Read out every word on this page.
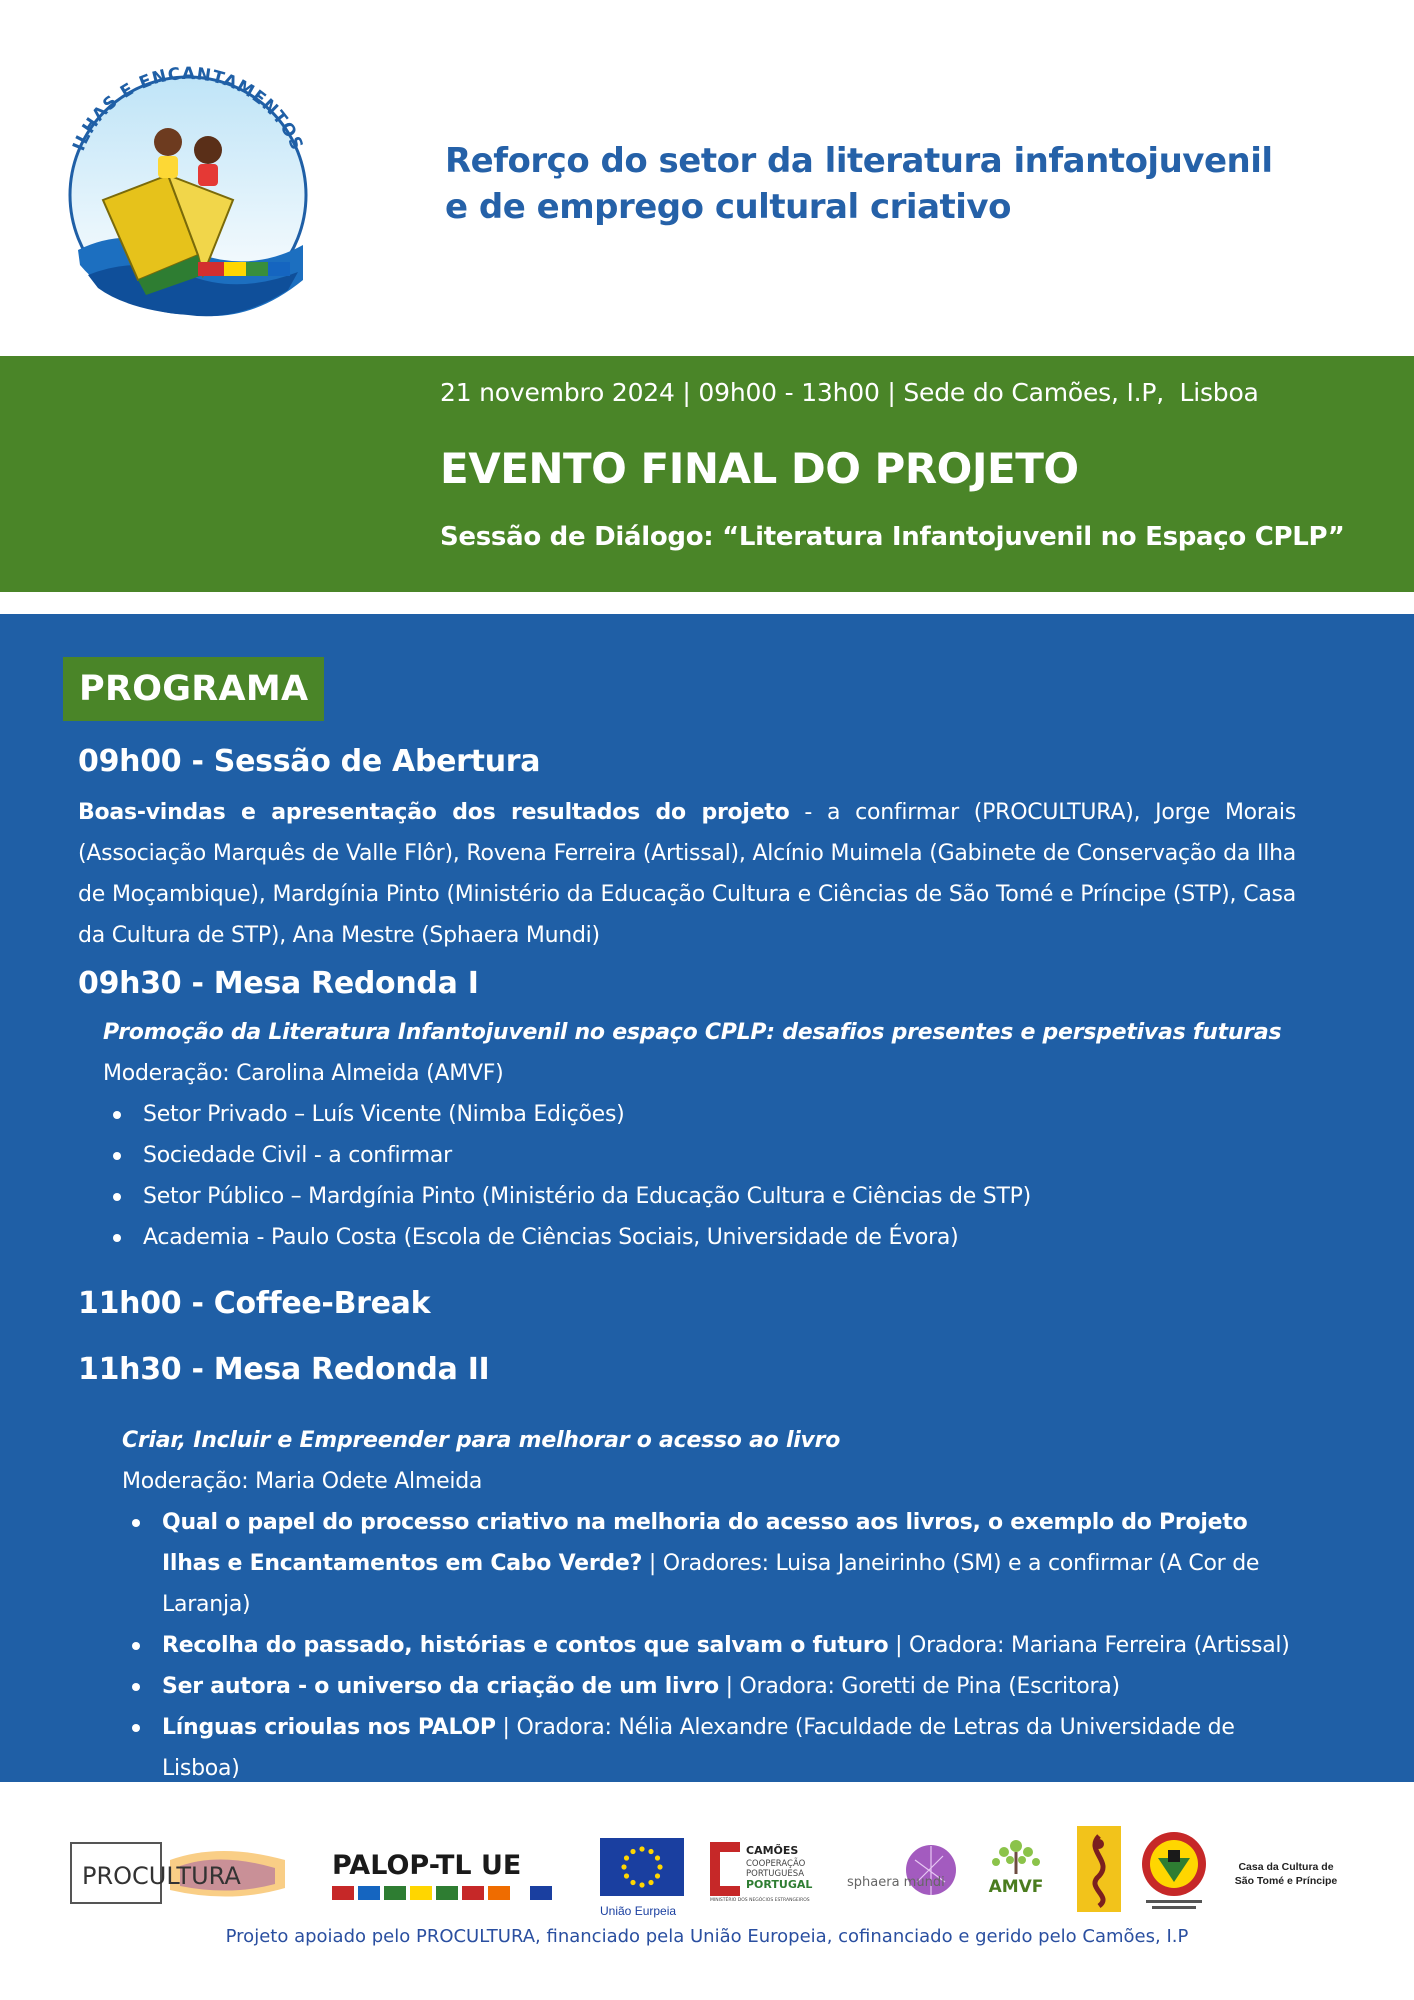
ILHAS E ENCANTAMENTOS	Reforço do setor da literatura infantojuvenil
e de emprego cultural criativo
21 novembro 2024 | 09h00 - 13h00 | Sede do Camões, I.P,  Lisboa
EVENTO FINAL DO PROJETO
Sessão de Diálogo: “Literatura Infantojuvenil no Espaço CPLP”
PROGRAMA
09h00 - Sessão de Abertura
Boas-vindas e apresentação dos resultados do projeto - a confirmar (PROCULTURA), Jorge Morais (Associação Marquês de Valle Flôr), Rovena Ferreira (Artissal), Alcínio Muimela (Gabinete de Conservação da Ilha de Moçambique), Mardgínia Pinto (Ministério da Educação Cultura e Ciências de São Tomé e Príncipe (STP), Casa da Cultura de STP), Ana Mestre (Sphaera Mundi)
09h30 - Mesa Redonda I
Promoção da Literatura Infantojuvenil no espaço CPLP: desafios presentes e perspetivas futuras
Moderação: Carolina Almeida (AMVF)
Setor Privado – Luís Vicente (Nimba Edições)
Sociedade Civil - a confirmar
Setor Público – Mardgínia Pinto (Ministério da Educação Cultura e Ciências de STP)
Academia - Paulo Costa (Escola de Ciências Sociais, Universidade de Évora)
11h00 - Coffee-Break
11h30 - Mesa Redonda II
Criar, Incluir e Empreender para melhorar o acesso ao livro
Moderação: Maria Odete Almeida
Qual o papel do processo criativo na melhoria do acesso aos livros, o exemplo do Projeto Ilhas e Encantamentos em Cabo Verde? | Oradores: Luisa Janeirinho (SM) e a confirmar (A Cor de Laranja)
Recolha do passado, histórias e contos que salvam o futuro | Oradora: Mariana Ferreira (Artissal)
Ser autora - o universo da criação de um livro | Oradora: Goretti de Pina (Escritora)
Línguas crioulas nos PALOP | Oradora: Nélia Alexandre (Faculdade de Letras da Universidade de Lisboa)
PROCULTURA	PALOP-TL UE
União Eurpeia
CAMÕES
COOPERAÇÃO
PORTUGUESA
PORTUGAL
MINISTÉRIO DOS NEGÓCIOS ESTRANGEIROS
sphaera mundi	AMVF
Casa da Cultura de
São Tomé e Príncipe
Projeto apoiado pelo PROCULTURA, financiado pela União Europeia, cofinanciado e gerido pelo Camões, I.P
